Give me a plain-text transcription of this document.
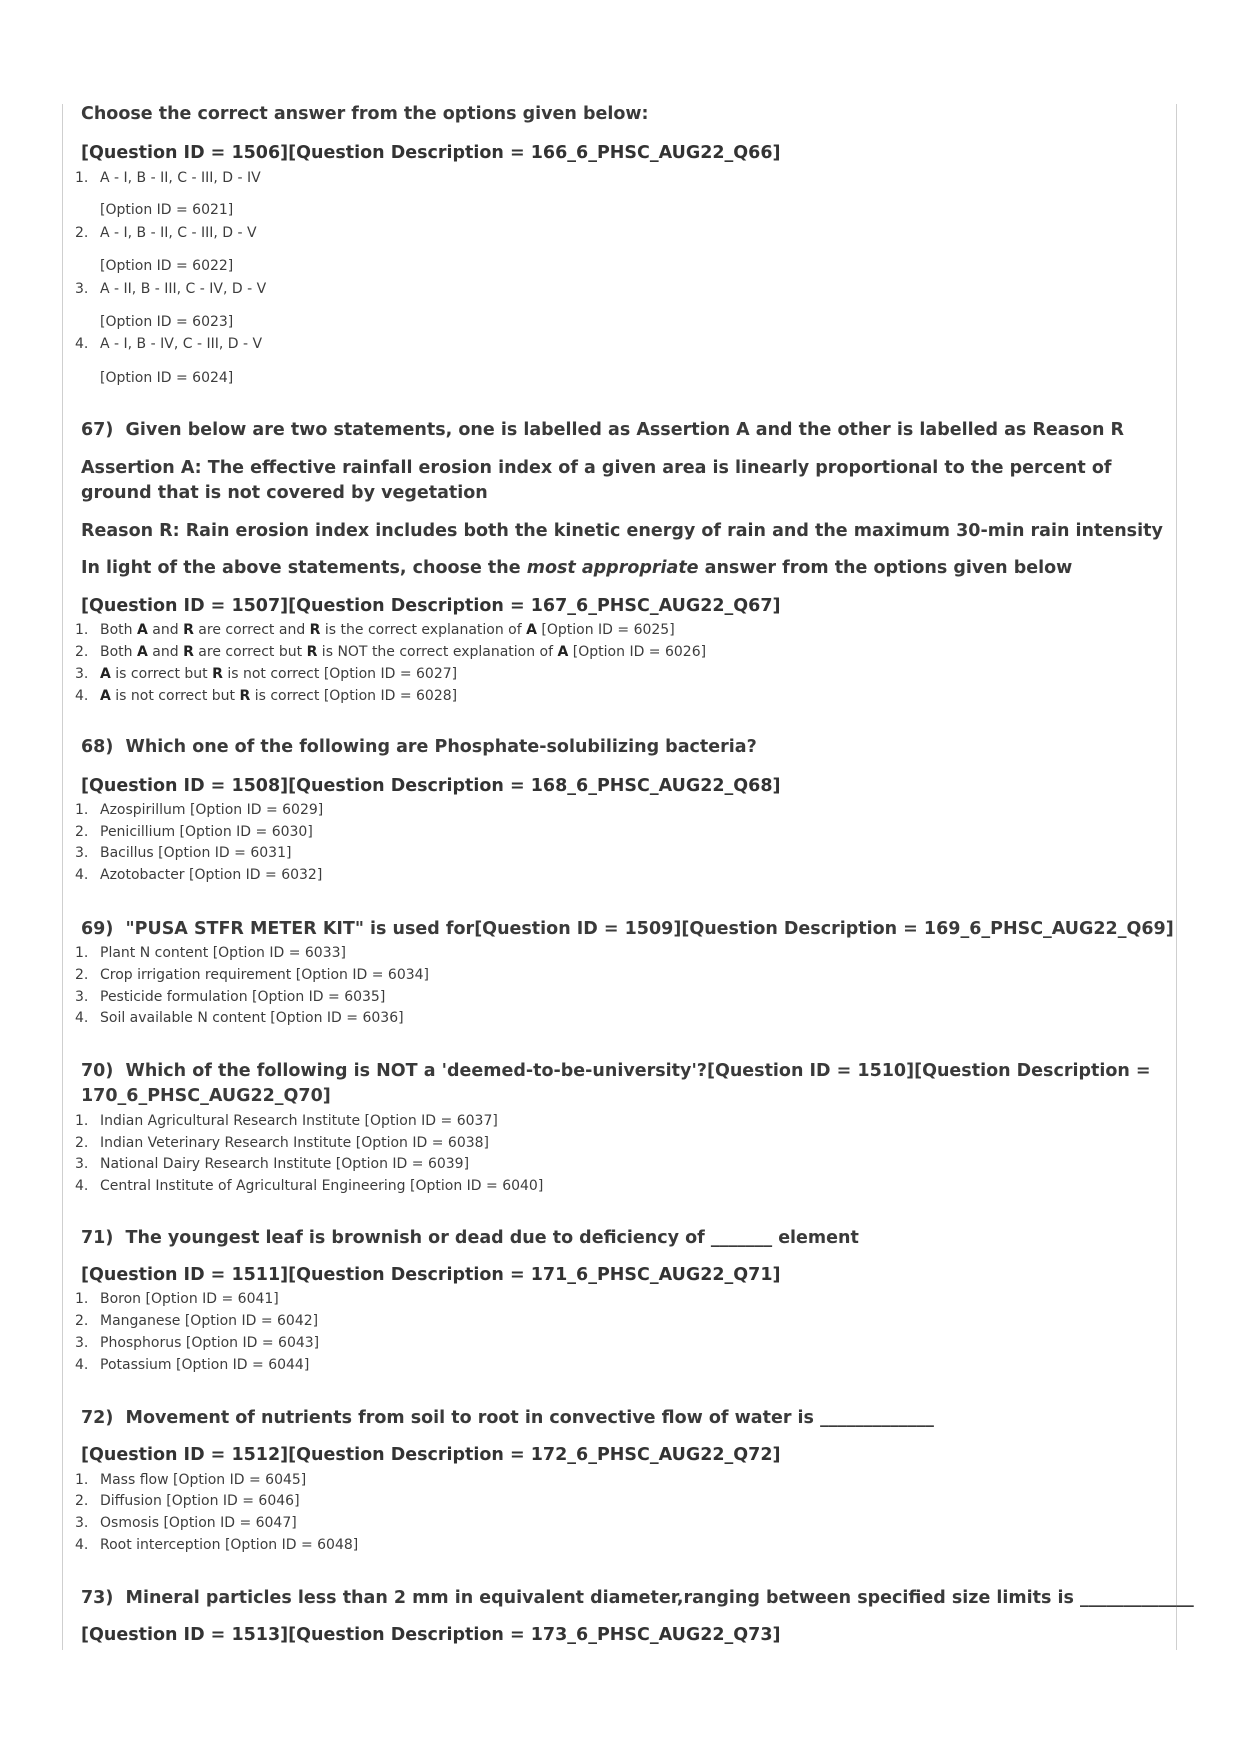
Choose the correct answer from the options given below:
[Question ID = 1506][Question Description = 166_6_PHSC_AUG22_Q66]
1. A - I, B - II, C - III, D - IV
[Option ID = 6021]
2. A - I, B - II, C - III, D - V
[Option ID = 6022]
3. A - II, B - III, C - IV, D - V
[Option ID = 6023]
4. A - I, B - IV, C - III, D - V
[Option ID = 6024]
67) Given below are two statements, one is labelled as Assertion A and the other is labelled as Reason R
Assertion A: The effective rainfall erosion index of a given area is linearly proportional to the percent of ground that is not covered by vegetation
Reason R: Rain erosion index includes both the kinetic energy of rain and the maximum 30-min rain intensity
In light of the above statements, choose the most appropriate answer from the options given below
[Question ID = 1507][Question Description = 167_6_PHSC_AUG22_Q67]
1. Both A and R are correct and R is the correct explanation of A [Option ID = 6025]
2. Both A and R are correct but R is NOT the correct explanation of A [Option ID = 6026]
3. A is correct but R is not correct [Option ID = 6027]
4. A is not correct but R is correct [Option ID = 6028]
68) Which one of the following are Phosphate-solubilizing bacteria?
[Question ID = 1508][Question Description = 168_6_PHSC_AUG22_Q68]
1. Azospirillum [Option ID = 6029]
2. Penicillium [Option ID = 6030]
3. Bacillus [Option ID = 6031]
4. Azotobacter [Option ID = 6032]
69) "PUSA STFR METER KIT" is used for[Question ID = 1509][Question Description = 169_6_PHSC_AUG22_Q69]
1. Plant N content [Option ID = 6033]
2. Crop irrigation requirement [Option ID = 6034]
3. Pesticide formulation [Option ID = 6035]
4. Soil available N content [Option ID = 6036]
70) Which of the following is NOT a 'deemed-to-be-university'?[Question ID = 1510][Question Description =
170_6_PHSC_AUG22_Q70]
1. Indian Agricultural Research Institute [Option ID = 6037]
2. Indian Veterinary Research Institute [Option ID = 6038]
3. National Dairy Research Institute [Option ID = 6039]
4. Central Institute of Agricultural Engineering [Option ID = 6040]
71) The youngest leaf is brownish or dead due to deficiency of _______ element
[Question ID = 1511][Question Description = 171_6_PHSC_AUG22_Q71]
1. Boron [Option ID = 6041]
2. Manganese [Option ID = 6042]
3. Phosphorus [Option ID = 6043]
4. Potassium [Option ID = 6044]
72) Movement of nutrients from soil to root in convective flow of water is _____________
[Question ID = 1512][Question Description = 172_6_PHSC_AUG22_Q72]
1. Mass flow [Option ID = 6045]
2. Diffusion [Option ID = 6046]
3. Osmosis [Option ID = 6047]
4. Root interception [Option ID = 6048]
73) Mineral particles less than 2 mm in equivalent diameter,ranging between specified size limits is _____________
[Question ID = 1513][Question Description = 173_6_PHSC_AUG22_Q73]
